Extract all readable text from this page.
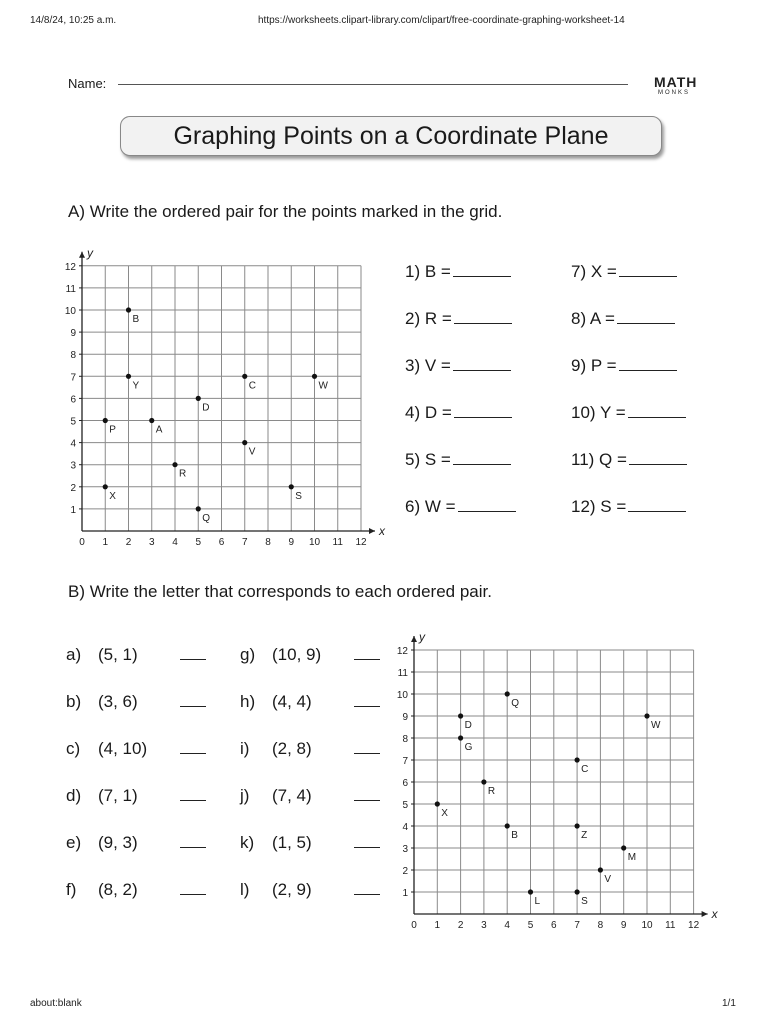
14/8/24, 10:25 a.m.	https://worksheets.clipart-library.com/clipart/free-coordinate-graphing-worksheet-14
about:blank	1/1
Name:	MATH
MONKS
Graphing Points on a Coordinate Plane
A) Write the ordered pair for the points marked in the grid.
x
y
0 1 2 3 4 5 6 7 8 9 10 11 12
1
2
3
4
5
6
7
8
9
10
11
12
B
Y	C	W
D
P	A
V
R
X	S
Q
1) B =
2) R =
3) V =
4) D =
5) S =
6) W =
7) X =
8) A =
9) P =
10) Y =
11) Q =
12) S =
B) Write the letter that corresponds to each ordered pair.
a) (5, 1)
b) (3, 6)
c) (4, 10)
d) (7, 1)
e) (9, 3)
f) (8, 2)
g) (10, 9)
h) (4, 4)
i) (2, 8)
j) (7, 4)
k) (1, 5)
l) (2, 9)
x
y
0 1 2 3 4 5 6 7 8 9 10 11 12
1
2
3
4
5
6
7
8
9
10
11
12
Q
D	W
G
C
R
X
B	Z
M
V
L	S
